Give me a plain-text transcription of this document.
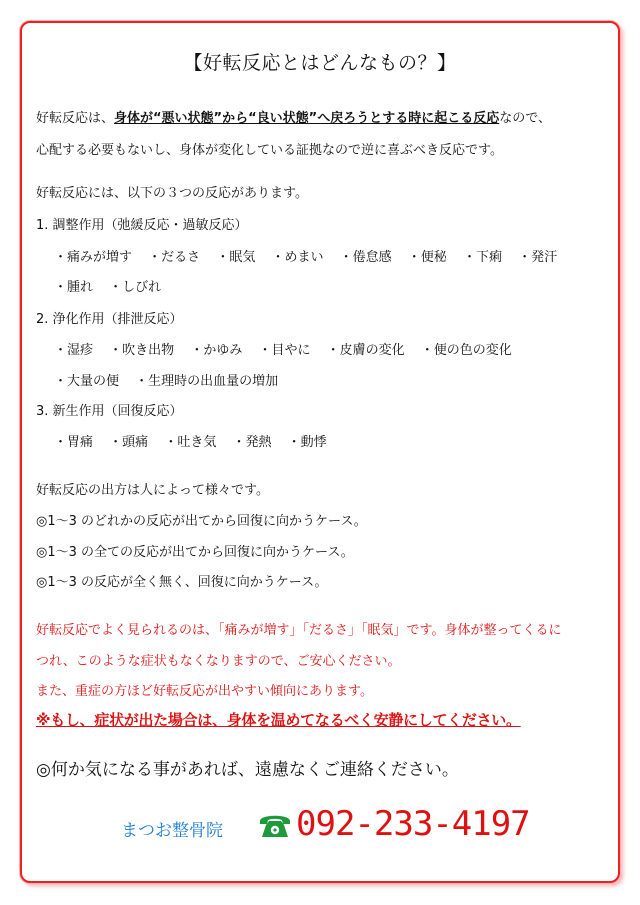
【好転反応とはどんなもの？】
好転反応は、身体が“悪い状態”から“良い状態”へ戻ろうとする時に起こる反応なので、
心配する必要もないし、身体が変化している証拠なので逆に喜ぶべき反応です。
好転反応には、以下の３つの反応があります。
1. 調整作用（弛緩反応・過敏反応）
・痛みが増す ・だるさ ・眠気 ・めまい ・倦怠感 ・便秘 ・下痢 ・発汗
・腫れ ・しびれ
2. 浄化作用（排泄反応）
・湿疹 ・吹き出物 ・かゆみ ・目やに ・皮膚の変化 ・便の色の変化
・大量の便 ・生理時の出血量の増加
3. 新生作用（回復反応）
・胃痛 ・頭痛 ・吐き気 ・発熱 ・動悸
好転反応の出方は人によって様々です。
◎1～3 のどれかの反応が出てから回復に向かうケース。
◎1～3 の全ての反応が出てから回復に向かうケース。
◎1～3 の反応が全く無く、回復に向かうケース。
好転反応でよく見られるのは、「痛みが増す」「だるさ」「眠気」です。身体が整ってくるに
つれ、このような症状もなくなりますので、ご安心ください。
また、重症の方ほど好転反応が出やすい傾向にあります。
※もし、症状が出た場合は、身体を温めてなるべく安静にしてください。
◎何か気になる事があれば、遠慮なくご連絡ください。
まつお整骨院 092-233-4197
